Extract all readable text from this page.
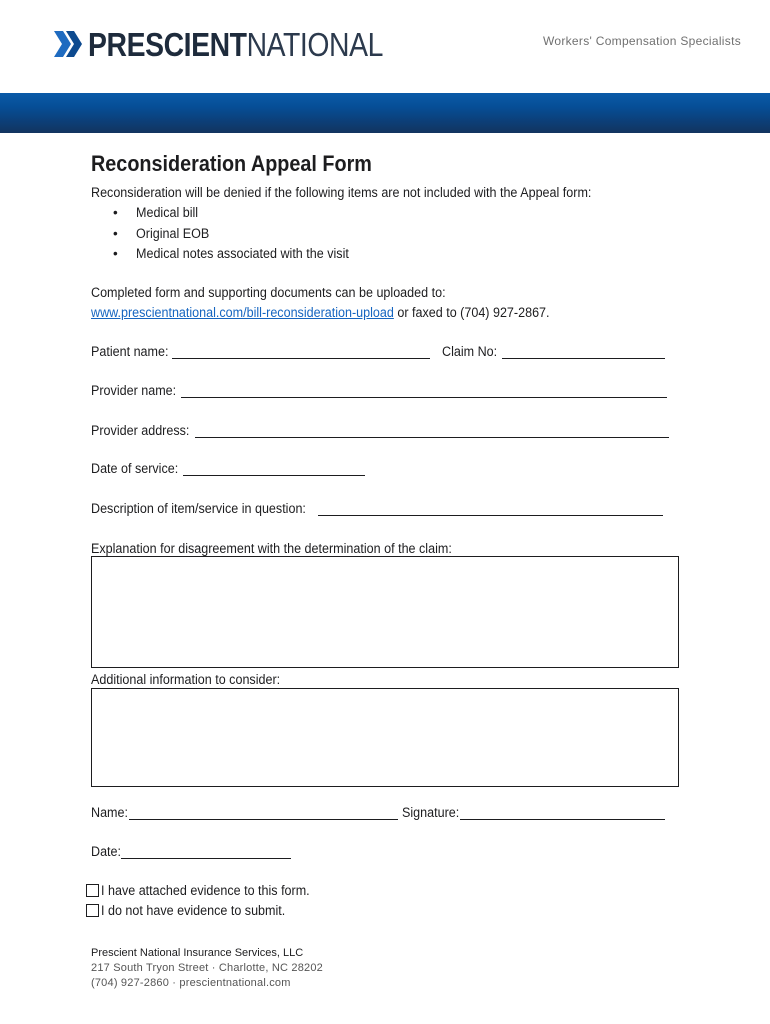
PRESCIENTNATIONAL	Workers' Compensation Specialists
Reconsideration Appeal Form
Reconsideration will be denied if the following items are not included with the Appeal form:
Medical bill
Original EOB
Medical notes associated with the visit
Completed form and supporting documents can be uploaded to:
www.prescientnational.com/bill-reconsideration-upload or faxed to (704) 927-2867.
Patient name:	Claim No:
Provider name:
Provider address:
Date of service:
Description of item/service in question:
Explanation for disagreement with the determination of the claim:
Additional information to consider:
Name:	Signature:
Date:
I have attached evidence to this form.
I do not have evidence to submit.
Prescient National Insurance Services, LLC
217 South Tryon Street · Charlotte, NC 28202
(704) 927-2860 · prescientnational.com
